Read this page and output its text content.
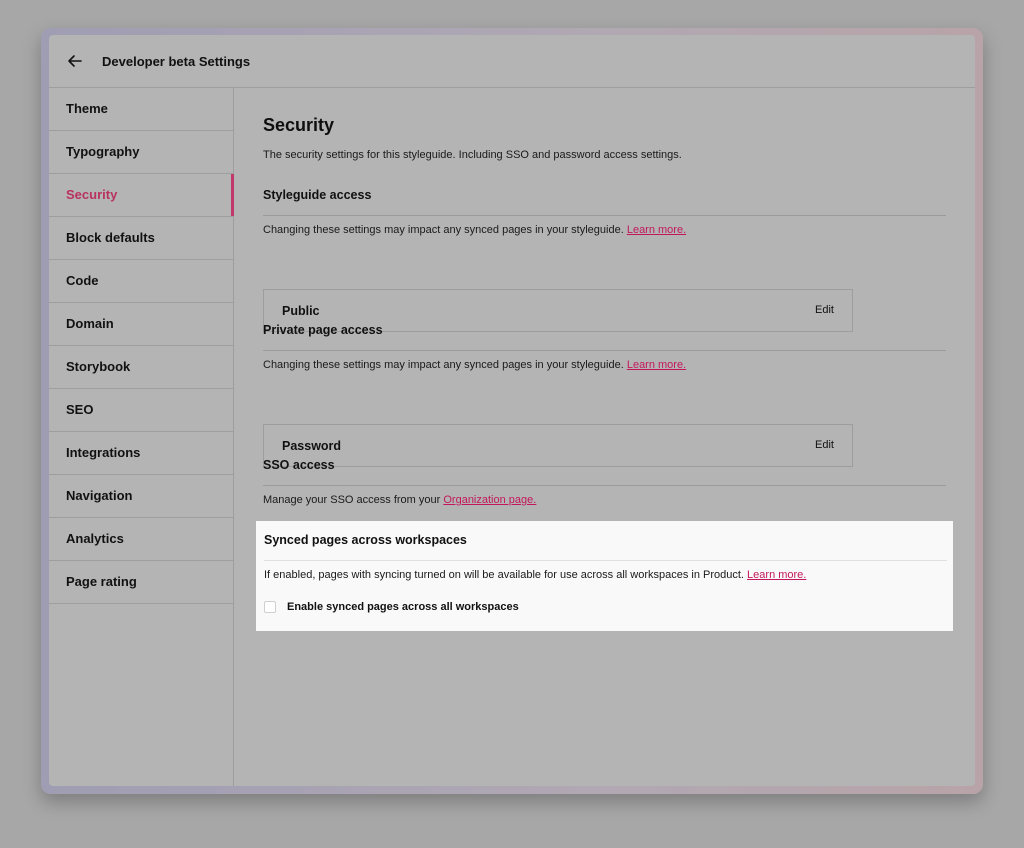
Developer beta Settings
Theme
Typography
Security
Block defaults
Code
Domain
Storybook
SEO
Integrations
Navigation
Analytics
Page rating
Security
The security settings for this styleguide. Including SSO and password access settings.
Styleguide access
Changing these settings may impact any synced pages in your styleguide. Learn more.
Public	Edit
Private page access
Changing these settings may impact any synced pages in your styleguide. Learn more.
Password	Edit
SSO access
Manage your SSO access from your Organization page.
Synced pages across workspaces
If enabled, pages with syncing turned on will be available for use across all workspaces in Product. Learn more.
Enable synced pages across all workspaces
